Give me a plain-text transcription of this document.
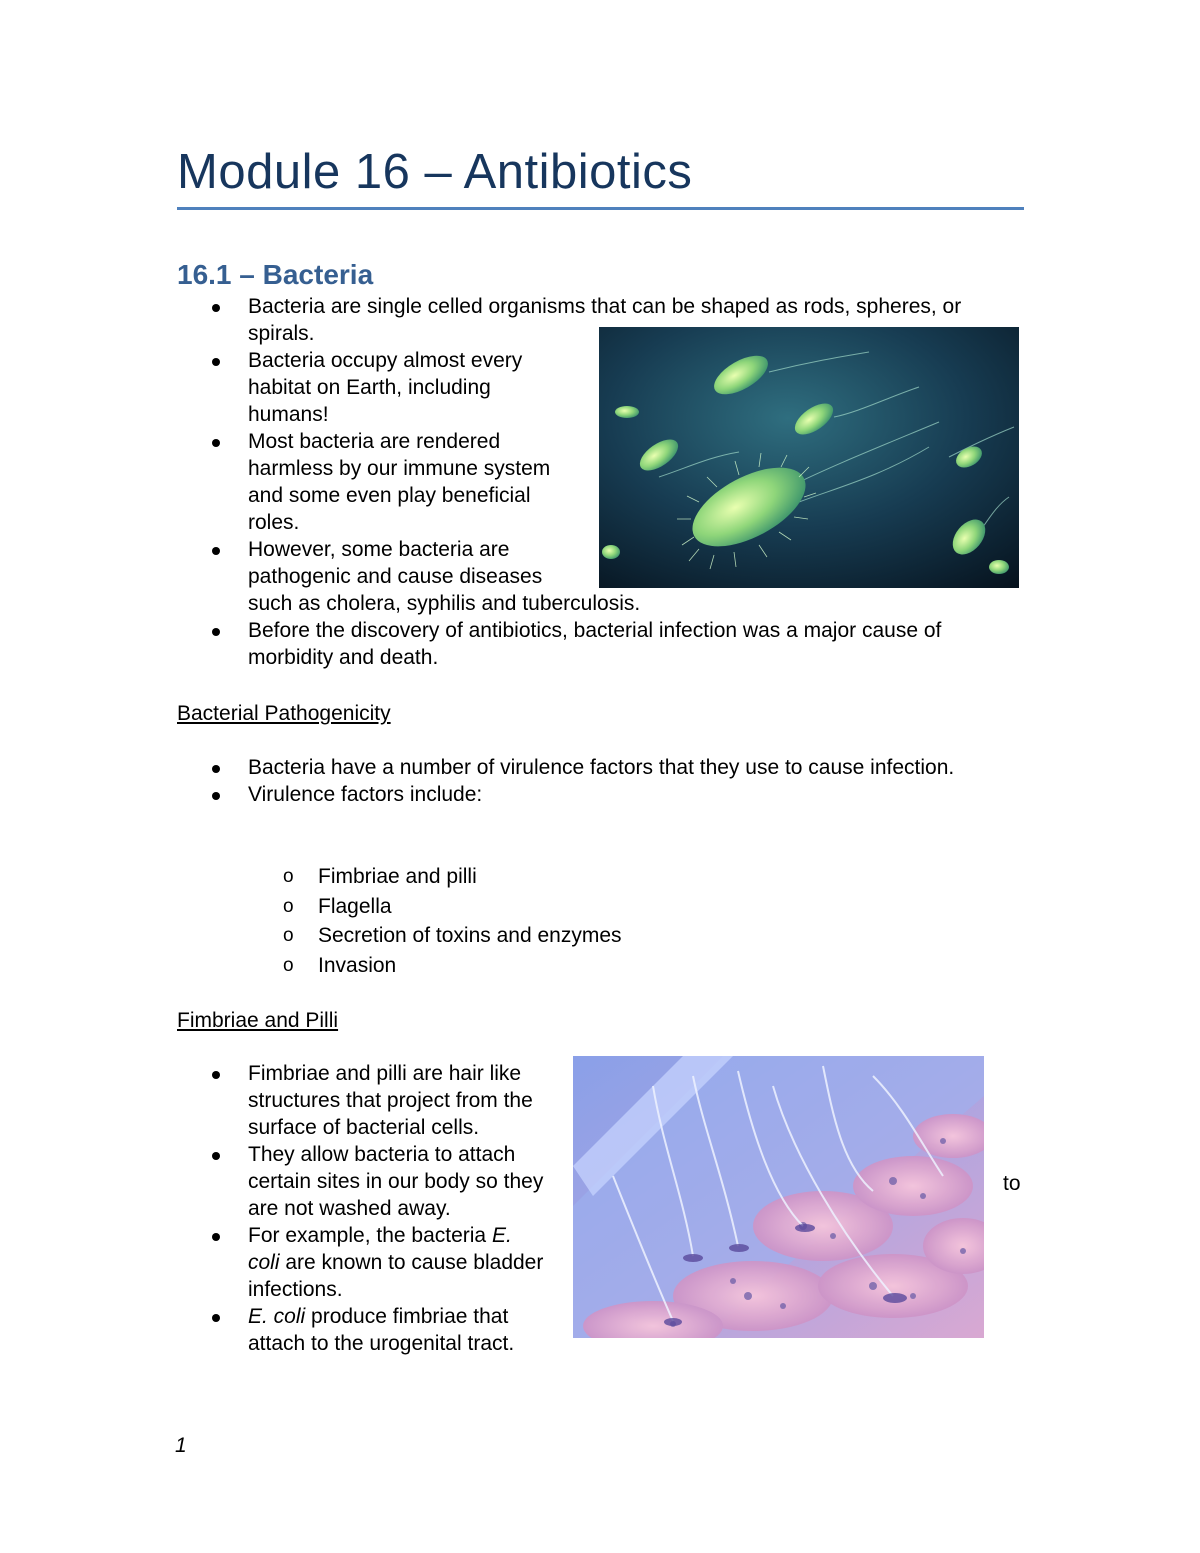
Module 16 – Antibiotics
16.1 – Bacteria
Bacteria are single celled organisms that can be shaped as rods, spheres, or spirals.
Bacteria occupy almost every habitat on Earth, including humans!
Most bacteria are rendered harmless by our immune system and some even play beneficial roles.
However, some bacteria are pathogenic and cause diseases
such as cholera, syphilis and tuberculosis.
Before the discovery of antibiotics, bacterial infection was a major cause of morbidity and death.
Bacterial Pathogenicity
Bacteria have a number of virulence factors that they use to cause infection.
Virulence factors include:
o Fimbriae and pilli
o Flagella
o Secretion of toxins and enzymes
o Invasion
Fimbriae and Pilli
Fimbriae and pilli are hair like structures that project from the surface of bacterial cells.
They allow bacteria to attach
certain sites in our body so they are not washed away.
For example, the bacteria E. coli are known to cause bladder infections.
E. coli produce fimbriae that attach to the urogenital tract.
to
1
